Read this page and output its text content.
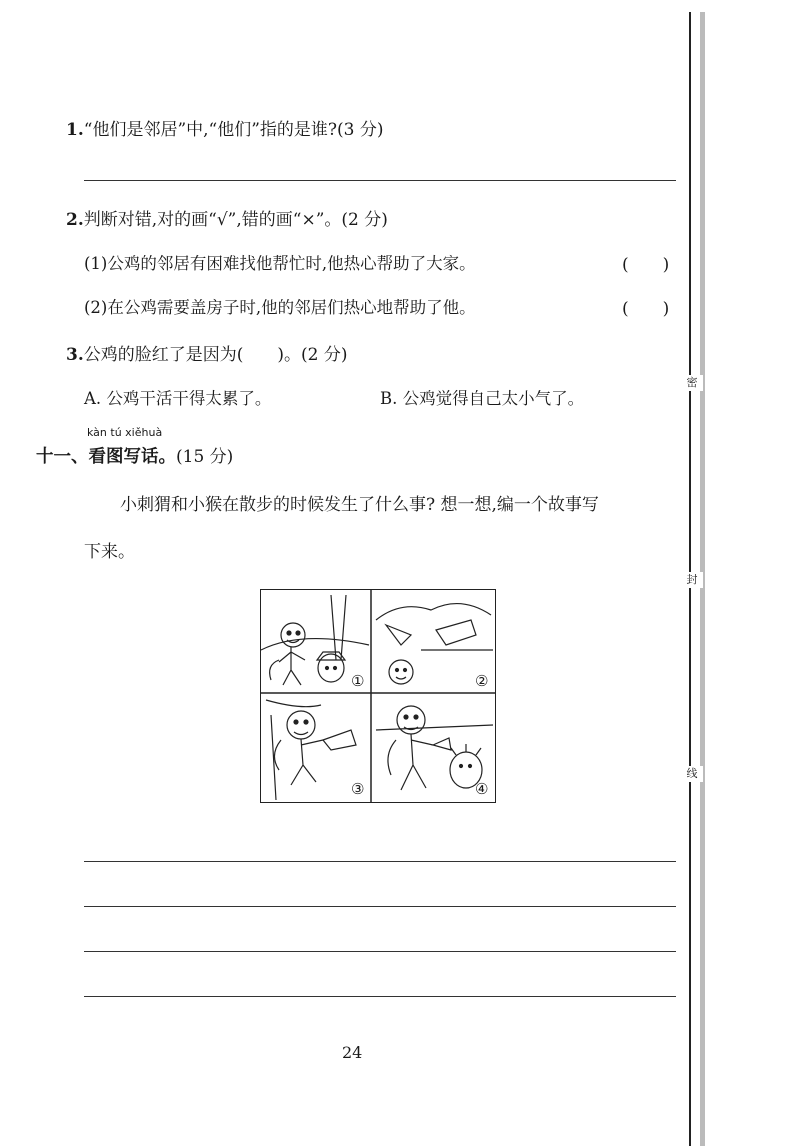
密
封
线
1.“他们是邻居”中,“他们”指的是谁?(3 分)
2.判断对错,对的画“√”,错的画“×”。(2 分)
(1)公鸡的邻居有困难找他帮忙时,他热心帮助了大家。	(　　)
(2)在公鸡需要盖房子时,他的邻居们热心地帮助了他。	(　　)
3.公鸡的脸红了是因为(　　)。(2 分)
A. 公鸡干活干得太累了。	B. 公鸡觉得自己太小气了。
kàn tú xiěhuà
十一、看图写话。(15 分)
小刺猬和小猴在散步的时候发生了什么事? 想一想,编一个故事写
下来。
①	②
③	④
24
